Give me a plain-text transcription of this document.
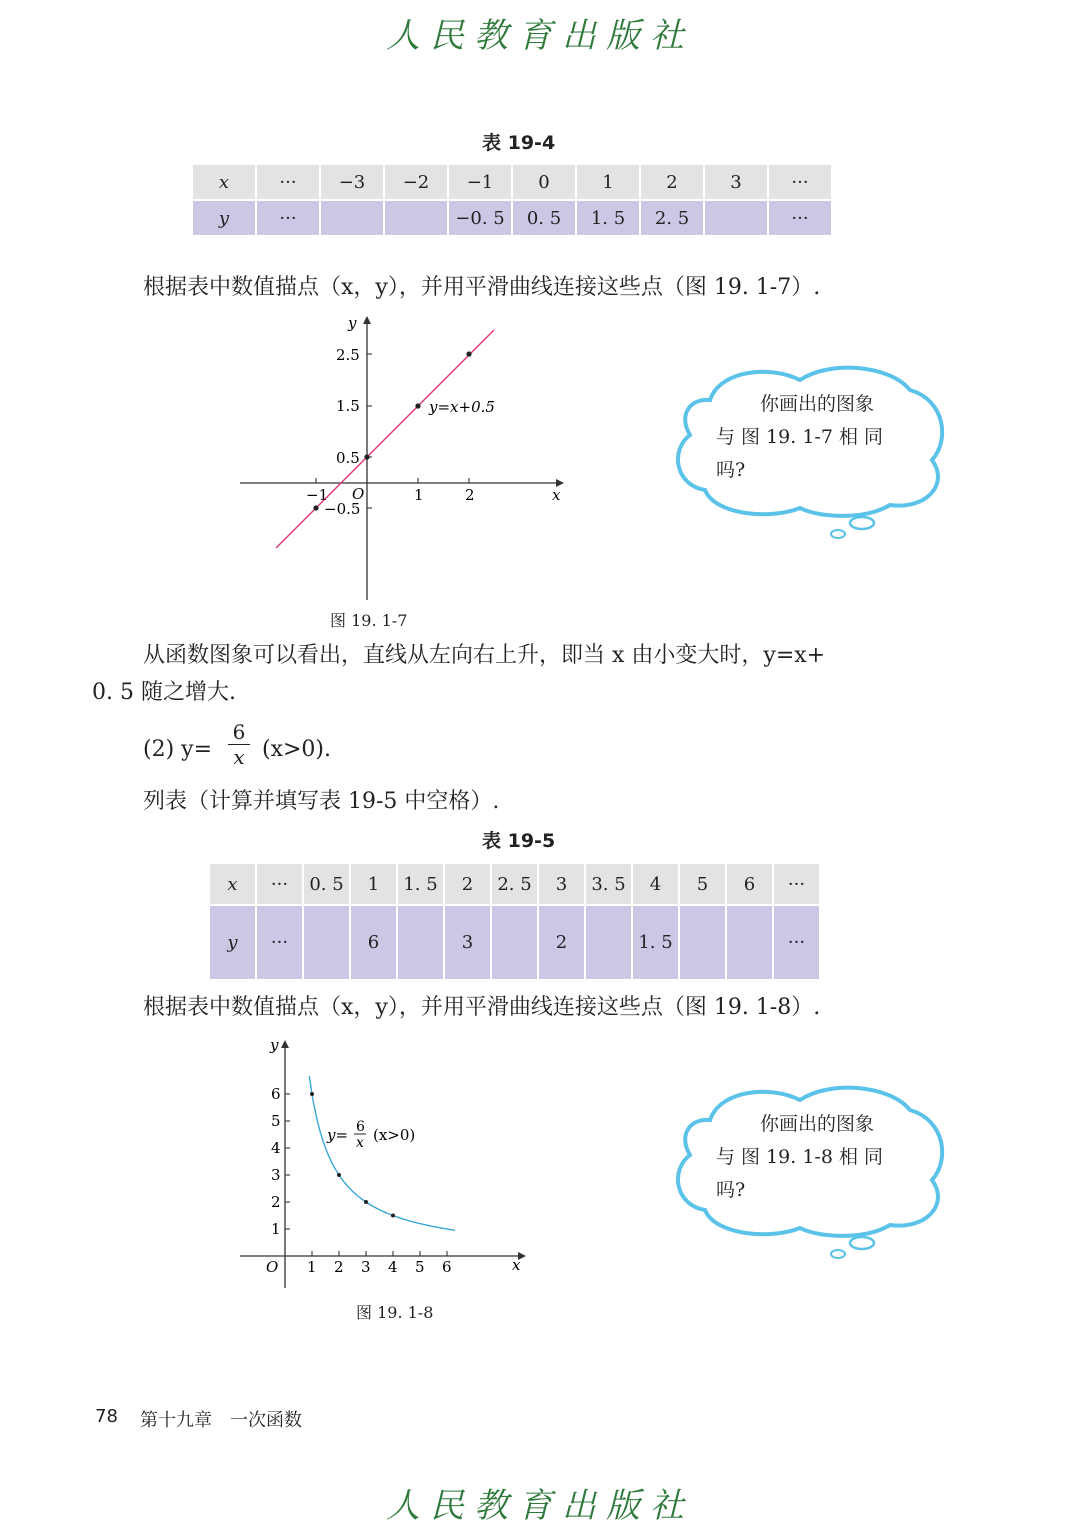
人民教育出版社
表 19-4
x	···	−3	−2	−1	0	1	2	3	···
y	···			−0. 5	0. 5	1. 5	2. 5		···
根据表中数值描点（x，y），并用平滑曲线连接这些点（图 19. 1-7）.
y=x+0.5
x
y
O
−1	1	2
2.5
1.5
0.5
−0.5
图 19. 1-7
你画出的图象
与 图 19. 1-7 相 同
吗?
从函数图象可以看出，直线从左向右上升，即当 x 由小变大时，y=x+
0. 5 随之增大.
(2) $y= \frac{6}{x} (x>0)$.
列表（计算并填写表 19-5 中空格）.
表 19-5
x	···	0. 5	1	1. 5	2	2. 5	3	3. 5	4	5	6	···
y	···		6		3		2		1. 5			···
根据表中数值描点（x，y），并用平滑曲线连接这些点（图 19. 1-8）.
6
5
4
3
2
1
1 2 3 4 5 6
O	x
y
y= 6
x (x>0)
图 19. 1-8
你画出的图象
与 图 19. 1-8 相 同
吗?
78 第十九章　一次函数
人民教育出版社
